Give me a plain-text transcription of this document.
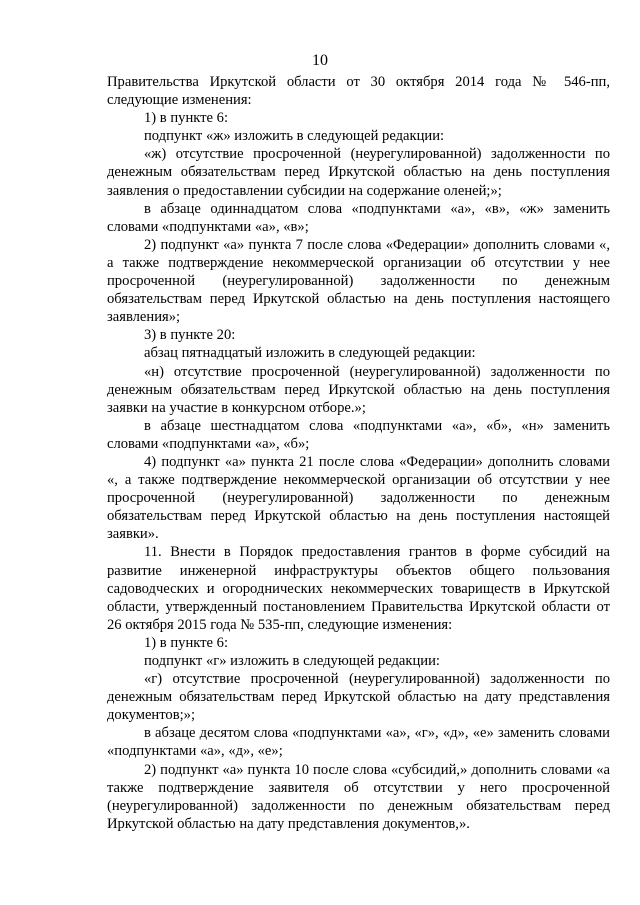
10

Правительства Иркутской области от 30 октября 2014 года № 546-пп, следующие изменения:

1) в пункте 6:

подпункт «ж» изложить в следующей редакции:

«ж) отсутствие просроченной (неурегулированной) задолженности по денежным обязательствам перед Иркутской областью на день поступления заявления о предоставлении субсидии на содержание оленей;»;

в абзаце одиннадцатом слова «подпунктами «а», «в», «ж» заменить словами «подпунктами «а», «в»;

2) подпункт «а» пункта 7 после слова «Федерации» дополнить словами «, а также подтверждение некоммерческой организации об отсутствии у нее просроченной (неурегулированной) задолженности по денежным обязательствам перед Иркутской областью на день поступления настоящего заявления»;

3) в пункте 20:

абзац пятнадцатый изложить в следующей редакции:

«н) отсутствие просроченной (неурегулированной) задолженности по денежным обязательствам перед Иркутской областью на день поступления заявки на участие в конкурсном отборе.»;

в абзаце шестнадцатом слова «подпунктами «а», «б», «н» заменить словами «подпунктами «а», «б»;

4) подпункт «а» пункта 21 после слова «Федерации» дополнить словами «, а также подтверждение некоммерческой организации об отсутствии у нее просроченной (неурегулированной) задолженности по денежным обязательствам перед Иркутской областью на день поступления настоящей заявки».

11. Внести в Порядок предоставления грантов в форме субсидий на развитие инженерной инфраструктуры объектов общего пользования садоводческих и огороднических некоммерческих товариществ в Иркутской области, утвержденный постановлением Правительства Иркутской области от 26 октября 2015 года № 535-пп, следующие изменения:

1) в пункте 6:

подпункт «г» изложить в следующей редакции:

«г) отсутствие просроченной (неурегулированной) задолженности по денежным обязательствам перед Иркутской областью на дату представления документов;»;

в абзаце десятом слова «подпунктами «а», «г», «д», «е» заменить словами «подпунктами «а», «д», «е»;

2) подпункт «а» пункта 10 после слова «субсидий,» дополнить словами «а также подтверждение заявителя об отсутствии у него просроченной (неурегулированной) задолженности по денежным обязательствам перед Иркутской областью на дату представления документов,».
